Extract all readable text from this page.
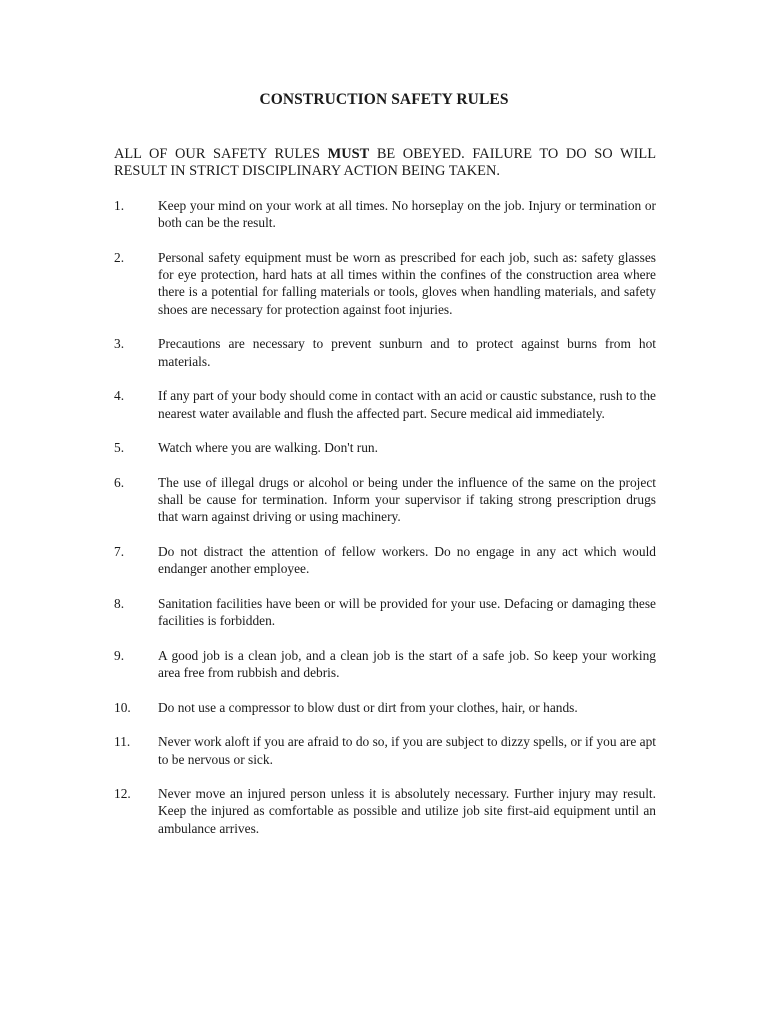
CONSTRUCTION SAFETY RULES
ALL OF OUR SAFETY RULES MUST BE OBEYED. FAILURE TO DO SO WILL RESULT IN STRICT DISCIPLINARY ACTION BEING TAKEN.
1.	Keep your mind on your work at all times. No horseplay on the job. Injury or termination or both can be the result.
2.	Personal safety equipment must be worn as prescribed for each job, such as: safety glasses for eye protection, hard hats at all times within the confines of the construction area where there is a potential for falling materials or tools, gloves when handling materials, and safety shoes are necessary for protection against foot injuries.
3.	Precautions are necessary to prevent sunburn and to protect against burns from hot materials.
4.	If any part of your body should come in contact with an acid or caustic substance, rush to the nearest water available and flush the affected part. Secure medical aid immediately.
5.	Watch where you are walking. Don't run.
6.	The use of illegal drugs or alcohol or being under the influence of the same on the project shall be cause for termination. Inform your supervisor if taking strong prescription drugs that warn against driving or using machinery.
7.	Do not distract the attention of fellow workers. Do no engage in any act which would endanger another employee.
8.	Sanitation facilities have been or will be provided for your use. Defacing or damaging these facilities is forbidden.
9.	A good job is a clean job, and a clean job is the start of a safe job. So keep your working area free from rubbish and debris.
10.	Do not use a compressor to blow dust or dirt from your clothes, hair, or hands.
11.	Never work aloft if you are afraid to do so, if you are subject to dizzy spells, or if you are apt to be nervous or sick.
12.	Never move an injured person unless it is absolutely necessary. Further injury may result. Keep the injured as comfortable as possible and utilize job site first-aid equipment until an ambulance arrives.
